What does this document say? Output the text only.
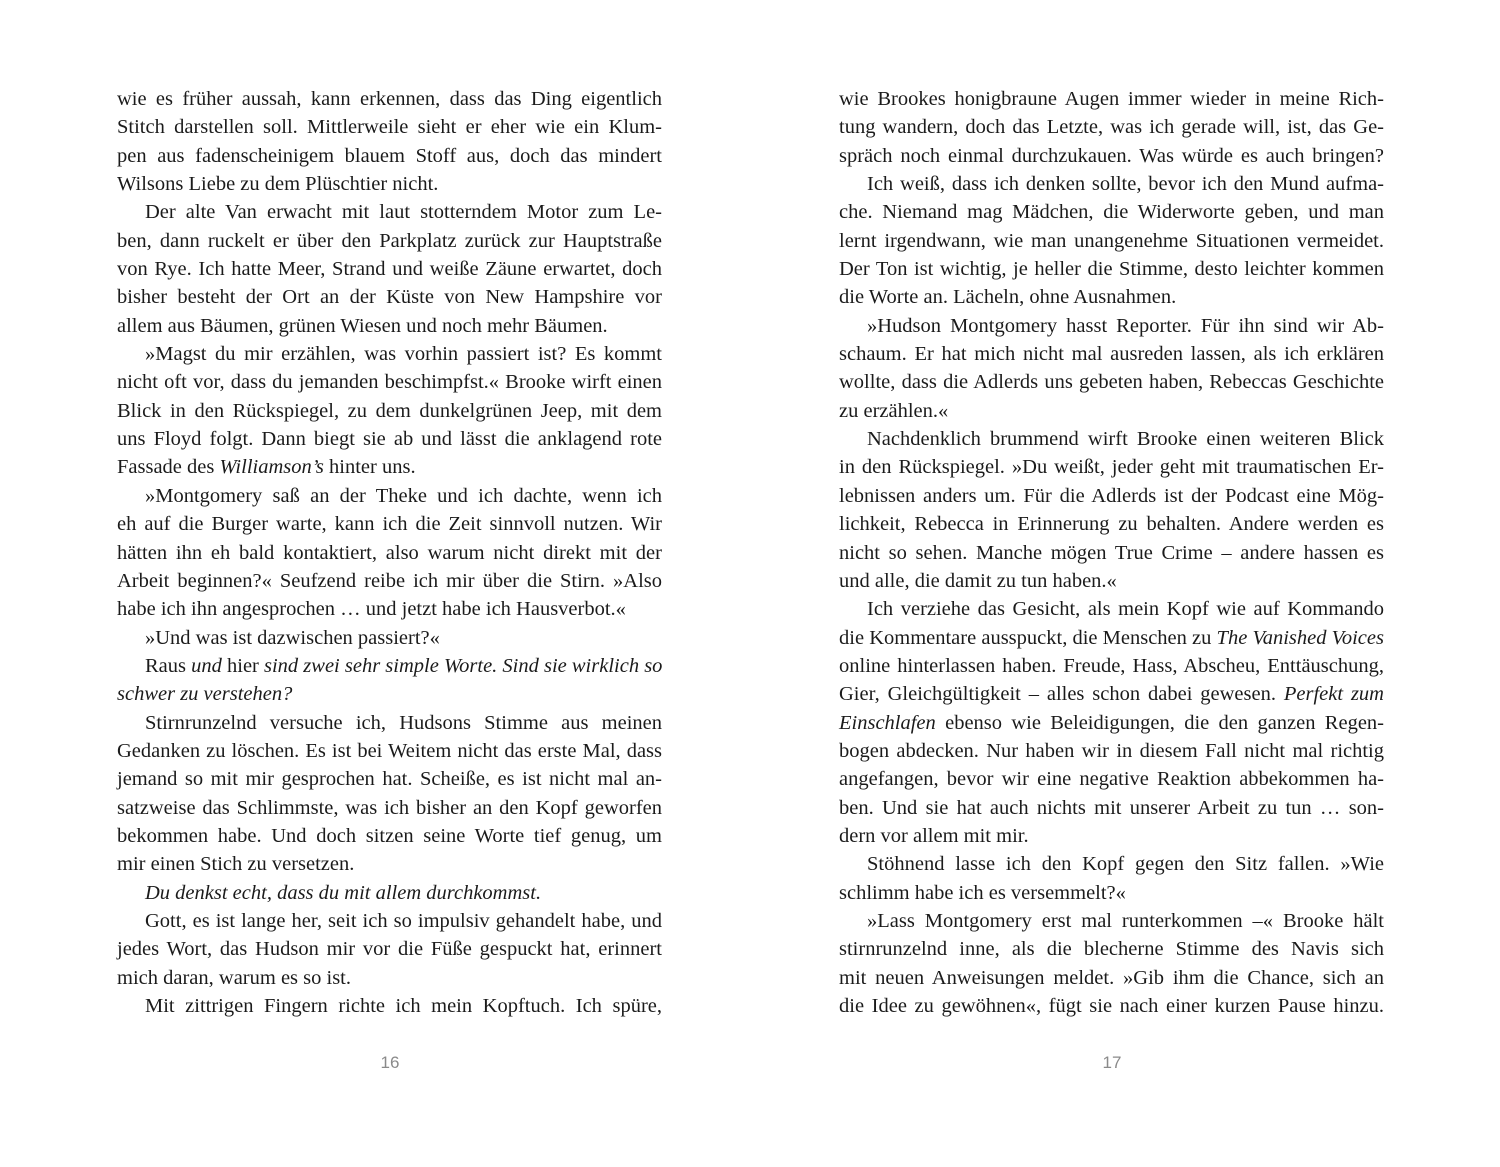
wie es früher aussah, kann erkennen, dass das Ding eigentlich
Stitch darstellen soll. Mittlerweile sieht er eher wie ein Klum-
pen aus fadenscheinigem blauem Stoff aus, doch das mindert
Wilsons Liebe zu dem Plüschtier nicht.
Der alte Van erwacht mit laut stotterndem Motor zum Le-
ben, dann ruckelt er über den Parkplatz zurück zur Hauptstraße
von Rye. Ich hatte Meer, Strand und weiße Zäune erwartet, doch
bisher besteht der Ort an der Küste von New Hampshire vor
allem aus Bäumen, grünen Wiesen und noch mehr Bäumen.
»Magst du mir erzählen, was vorhin passiert ist? Es kommt
nicht oft vor, dass du jemanden beschimpfst.« Brooke wirft einen
Blick in den Rückspiegel, zu dem dunkelgrünen Jeep, mit dem
uns Floyd folgt. Dann biegt sie ab und lässt die anklagend rote
Fassade des Williamson’s hinter uns.
»Montgomery saß an der Theke und ich dachte, wenn ich
eh auf die Burger warte, kann ich die Zeit sinnvoll nutzen. Wir
hätten ihn eh bald kontaktiert, also warum nicht direkt mit der
Arbeit beginnen?« Seufzend reibe ich mir über die Stirn. »Also
habe ich ihn angesprochen … und jetzt habe ich Hausverbot.«
»Und was ist dazwischen passiert?«
Raus und hier sind zwei sehr simple Worte. Sind sie wirklich so
schwer zu verstehen?
Stirnrunzelnd versuche ich, Hudsons Stimme aus meinen
Gedanken zu löschen. Es ist bei Weitem nicht das erste Mal, dass
jemand so mit mir gesprochen hat. Scheiße, es ist nicht mal an-
satzweise das Schlimmste, was ich bisher an den Kopf geworfen
bekommen habe. Und doch sitzen seine Worte tief genug, um
mir einen Stich zu versetzen.
Du denkst echt, dass du mit allem durchkommst.
Gott, es ist lange her, seit ich so impulsiv gehandelt habe, und
jedes Wort, das Hudson mir vor die Füße gespuckt hat, erinnert
mich daran, warum es so ist.
Mit zittrigen Fingern richte ich mein Kopftuch. Ich spüre,
wie Brookes honigbraune Augen immer wieder in meine Rich-
tung wandern, doch das Letzte, was ich gerade will, ist, das Ge-
spräch noch einmal durchzukauen. Was würde es auch bringen?
Ich weiß, dass ich denken sollte, bevor ich den Mund aufma-
che. Niemand mag Mädchen, die Widerworte geben, und man
lernt irgendwann, wie man unangenehme Situationen vermeidet.
Der Ton ist wichtig, je heller die Stimme, desto leichter kommen
die Worte an. Lächeln, ohne Ausnahmen.
»Hudson Montgomery hasst Reporter. Für ihn sind wir Ab-
schaum. Er hat mich nicht mal ausreden lassen, als ich erklären
wollte, dass die Adlerds uns gebeten haben, Rebeccas Geschichte
zu erzählen.«
Nachdenklich brummend wirft Brooke einen weiteren Blick
in den Rückspiegel. »Du weißt, jeder geht mit traumatischen Er-
lebnissen anders um. Für die Adlerds ist der Podcast eine Mög-
lichkeit, Rebecca in Erinnerung zu behalten. Andere werden es
nicht so sehen. Manche mögen True Crime – andere hassen es
und alle, die damit zu tun haben.«
Ich verziehe das Gesicht, als mein Kopf wie auf Kommando
die Kommentare ausspuckt, die Menschen zu The Vanished Voices
online hinterlassen haben. Freude, Hass, Abscheu, Enttäuschung,
Gier, Gleichgültigkeit – alles schon dabei gewesen. Perfekt zum
Einschlafen ebenso wie Beleidigungen, die den ganzen Regen-
bogen abdecken. Nur haben wir in diesem Fall nicht mal richtig
angefangen, bevor wir eine negative Reaktion abbekommen ha-
ben. Und sie hat auch nichts mit unserer Arbeit zu tun … son-
dern vor allem mit mir.
Stöhnend lasse ich den Kopf gegen den Sitz fallen. »Wie
schlimm habe ich es versemmelt?«
»Lass Montgomery erst mal runterkommen –« Brooke hält
stirnrunzelnd inne, als die blecherne Stimme des Navis sich
mit neuen Anweisungen meldet. »Gib ihm die Chance, sich an
die Idee zu gewöhnen«, fügt sie nach einer kurzen Pause hinzu.
16	17
